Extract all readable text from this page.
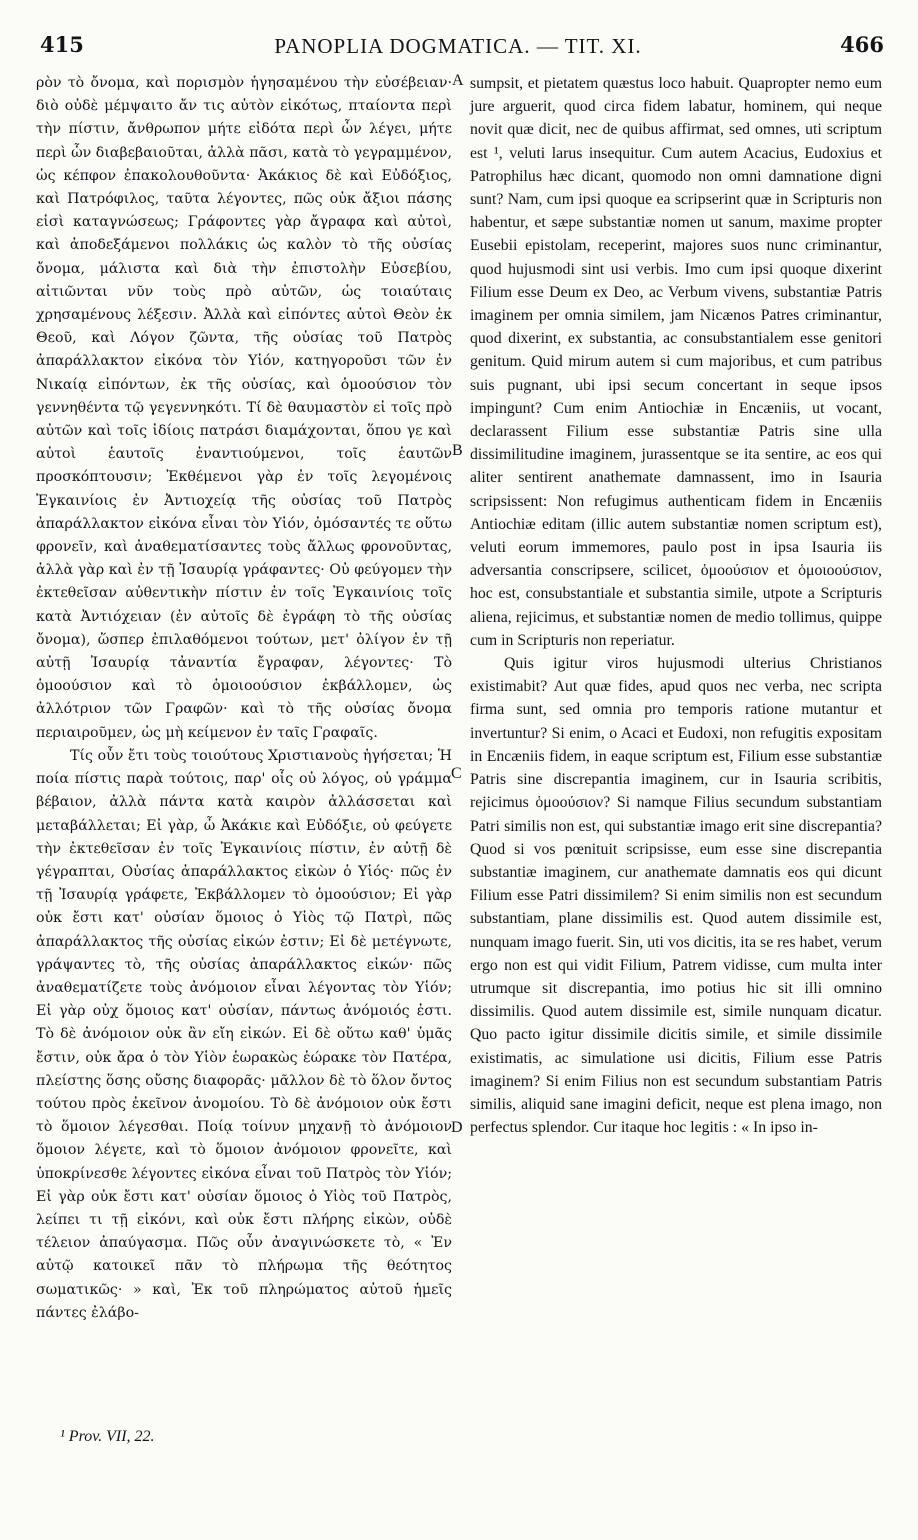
415	PANOPLIA DOGMATICA. — TIT. XI.	466

ρὸν τὸ ὄνομα, καὶ πορισμὸν ἡγησαμένου τὴν εὐσέβειαν· διὸ οὐδὲ μέμψαιτο ἄν τις αὐτὸν εἰκότως, πταίοντα περὶ τὴν πίστιν, ἄνθρωπον μήτε εἰδότα περὶ ὧν λέγει, μήτε περὶ ὧν διαβεβαιοῦται, ἀλλὰ πᾶσι, κατὰ τὸ γεγραμμένον, ὡς κέπφον ἐπακολουθοῦντα· Ἀκάκιος δὲ καὶ Εὐδόξιος, καὶ Πατρόφιλος, ταῦτα λέγοντες, πῶς οὐκ ἄξιοι πάσης εἰσὶ καταγνώσεως; Γράφοντες γὰρ ἄγραφα καὶ αὐτοὶ, καὶ ἀποδεξάμενοι πολλάκις ὡς καλὸν τὸ τῆς οὐσίας ὄνομα, μάλιστα καὶ διὰ τὴν ἐπιστολὴν Εὐσεβίου, αἰτιῶνται νῦν τοὺς πρὸ αὐτῶν, ὡς τοιαύταις χρησαμένους λέξεσιν. Ἀλλὰ καὶ εἰπόντες αὐτοὶ Θεὸν ἐκ Θεοῦ, καὶ Λόγον ζῶντα, τῆς οὐσίας τοῦ Πατρὸς ἀπαράλλακτον εἰκόνα τὸν Υἱόν, κατηγοροῦσι τῶν ἐν Νικαίᾳ εἰπόντων, ἐκ τῆς οὐσίας, καὶ ὁμοούσιον τὸν γεννηθέντα τῷ γεγεννηκότι. Τί δὲ θαυμαστὸν εἰ τοῖς πρὸ αὐτῶν καὶ τοῖς ἰδίοις πατράσι διαμάχονται, ὅπου γε καὶ αὐτοὶ ἑαυτοῖς ἐναντιούμενοι, τοῖς ἑαυτῶν προσκόπτουσιν; Ἐκθέμενοι γὰρ ἐν τοῖς λεγομένοις Ἐγκαινίοις ἐν Ἀντιοχείᾳ τῆς οὐσίας τοῦ Πατρὸς ἀπαράλλακτον εἰκόνα εἶναι τὸν Υἱόν, ὀμόσαντές τε οὕτω φρονεῖν, καὶ ἀναθεματίσαντες τοὺς ἄλλως φρονοῦντας, ἀλλὰ γὰρ καὶ ἐν τῇ Ἰσαυρίᾳ γράφαντες· Οὐ φεύγομεν τὴν ἐκτεθεῖσαν αὐθεντικὴν πίστιν ἐν τοῖς Ἐγκαινίοις τοῖς κατὰ Ἀντιόχειαν (ἐν αὐτοῖς δὲ ἐγράφη τὸ τῆς οὐσίας ὄνομα), ὥσπερ ἐπιλαθόμενοι τούτων, μετ' ὀλίγον ἐν τῇ αὐτῇ Ἰσαυρίᾳ τἀναντία ἔγραφαν, λέγοντες· Τὸ ὁμοούσιον καὶ τὸ ὁμοιοούσιον ἐκβάλλομεν, ὡς ἀλλότριον τῶν Γραφῶν· καὶ τὸ τῆς οὐσίας ὄνομα περιαιροῦμεν, ὡς μὴ κείμενον ἐν ταῖς Γραφαῖς.

Τίς οὖν ἔτι τοὺς τοιούτους Χριστιανοὺς ἡγήσεται; Ἡ ποία πίστις παρὰ τούτοις, παρ' οἷς οὐ λόγος, οὐ γράμμα βέβαιον, ἀλλὰ πάντα κατὰ καιρὸν ἀλλάσσεται καὶ μεταβάλλεται; Εἰ γὰρ, ὦ Ἀκάκιε καὶ Εὐδόξιε, οὐ φεύγετε τὴν ἐκτεθεῖσαν ἐν τοῖς Ἐγκαινίοις πίστιν, ἐν αὐτῇ δὲ γέγραπται, Οὐσίας ἀπαράλλακτος εἰκὼν ὁ Υἱός· πῶς ἐν τῇ Ἰσαυρίᾳ γράφετε, Ἐκβάλλομεν τὸ ὁμοούσιον; Εἰ γὰρ οὐκ ἔστι κατ' οὐσίαν ὅμοιος ὁ Υἱὸς τῷ Πατρὶ, πῶς ἀπαράλλακτος τῆς οὐσίας εἰκών ἐστιν; Εἰ δὲ μετέγνωτε, γράψαντες τὸ, τῆς οὐσίας ἀπαράλλακτος εἰκών· πῶς ἀναθεματίζετε τοὺς ἀνόμοιον εἶναι λέγοντας τὸν Υἱόν; Εἰ γὰρ οὐχ ὅμοιος κατ' οὐσίαν, πάντως ἀνόμοιός ἐστι. Τὸ δὲ ἀνόμοιον οὐκ ἂν εἴη εἰκών. Εἰ δὲ οὕτω καθ' ὑμᾶς ἔστιν, οὐκ ἄρα ὁ τὸν Υἱὸν ἑωρακὼς ἑώρακε τὸν Πατέρα, πλείστης ὅσης οὔσης διαφορᾶς· μᾶλλον δὲ τὸ ὅλον ὄντος τούτου πρὸς ἐκεῖνον ἀνομοίου. Τὸ δὲ ἀνόμοιον οὐκ ἔστι τὸ ὅμοιον λέγεσθαι. Ποίᾳ τοίνυν μηχανῇ τὸ ἀνόμοιον ὅμοιον λέγετε, καὶ τὸ ὅμοιον ἀνόμοιον φρονεῖτε, καὶ ὑποκρίνεσθε λέγοντες εἰκόνα εἶναι τοῦ Πατρὸς τὸν Υἱόν; Εἰ γὰρ οὐκ ἔστι κατ' οὐσίαν ὅμοιος ὁ Υἱὸς τοῦ Πατρὸς, λείπει τι τῇ εἰκόνι, καὶ οὐκ ἔστι πλήρης εἰκὼν, οὐδὲ τέλειον ἀπαύγασμα. Πῶς οὖν ἀναγινώσκετε τὸ, « Ἐν αὐτῷ κατοικεῖ πᾶν τὸ πλήρωμα τῆς θεότητος σωματικῶς· » καὶ, Ἐκ τοῦ πληρώματος αὐτοῦ ἡμεῖς πάντες ἐλάβο-

A
B
C
D

sumpsit, et pietatem quæstus loco habuit. Quapropter nemo eum jure arguerit, quod circa fidem labatur, hominem, qui neque novit quæ dicit, nec de quibus affirmat, sed omnes, uti scriptum est ¹, veluti larus insequitur. Cum autem Acacius, Eudoxius et Patrophilus hæc dicant, quomodo non omni damnatione digni sunt? Nam, cum ipsi quoque ea scripserint quæ in Scripturis non habentur, et sæpe substantiæ nomen ut sanum, maxime propter Eusebii epistolam, receperint, majores suos nunc criminantur, quod hujusmodi sint usi verbis. Imo cum ipsi quoque dixerint Filium esse Deum ex Deo, ac Verbum vivens, substantiæ Patris imaginem per omnia similem, jam Nicænos Patres criminantur, quod dixerint, ex substantia, ac consubstantialem esse genitori genitum. Quid mirum autem si cum majoribus, et cum patribus suis pugnant, ubi ipsi secum concertant in seque ipsos impingunt? Cum enim Antiochiæ in Encæniis, ut vocant, declarassent Filium esse substantiæ Patris sine ulla dissimilitudine imaginem, jurassentque se ita sentire, ac eos qui aliter sentirent anathemate damnassent, imo in Isauria scripsissent: Non refugimus authenticam fidem in Encæniis Antiochiæ editam (illic autem substantiæ nomen scriptum est), veluti eorum immemores, paulo post in ipsa Isauria iis adversantia conscripsere, scilicet, ὁμοούσιον et ὁμοιοούσιον, hoc est, consubstantiale et substantia simile, utpote a Scripturis aliena, rejicimus, et substantiæ nomen de medio tollimus, quippe cum in Scripturis non reperiatur.

Quis igitur viros hujusmodi ulterius Christianos existimabit? Aut quæ fides, apud quos nec verba, nec scripta firma sunt, sed omnia pro temporis ratione mutantur et invertuntur? Si enim, o Acaci et Eudoxi, non refugitis expositam in Encæniis fidem, in eaque scriptum est, Filium esse substantiæ Patris sine discrepantia imaginem, cur in Isauria scribitis, rejicimus ὁμοούσιον? Si namque Filius secundum substantiam Patri similis non est, qui substantiæ imago erit sine discrepantia? Quod si vos pœnituit scripsisse, eum esse sine discrepantia substantiæ imaginem, cur anathemate damnatis eos qui dicunt Filium esse Patri dissimilem? Si enim similis non est secundum substantiam, plane dissimilis est. Quod autem dissimile est, nunquam imago fuerit. Sin, uti vos dicitis, ita se res habet, verum ergo non est qui vidit Filium, Patrem vidisse, cum multa inter utrumque sit discrepantia, imo potius hic sit illi omnino dissimilis. Quod autem dissimile est, simile nunquam dicatur. Quo pacto igitur dissimile dicitis simile, et simile dissimile existimatis, ac simulatione usi dicitis, Filium esse Patris imaginem? Si enim Filius non est secundum substantiam Patris similis, aliquid sane imagini deficit, neque est plena imago, non perfectus splendor. Cur itaque hoc legitis : « In ipso in-

¹ Prov. VII, 22.
